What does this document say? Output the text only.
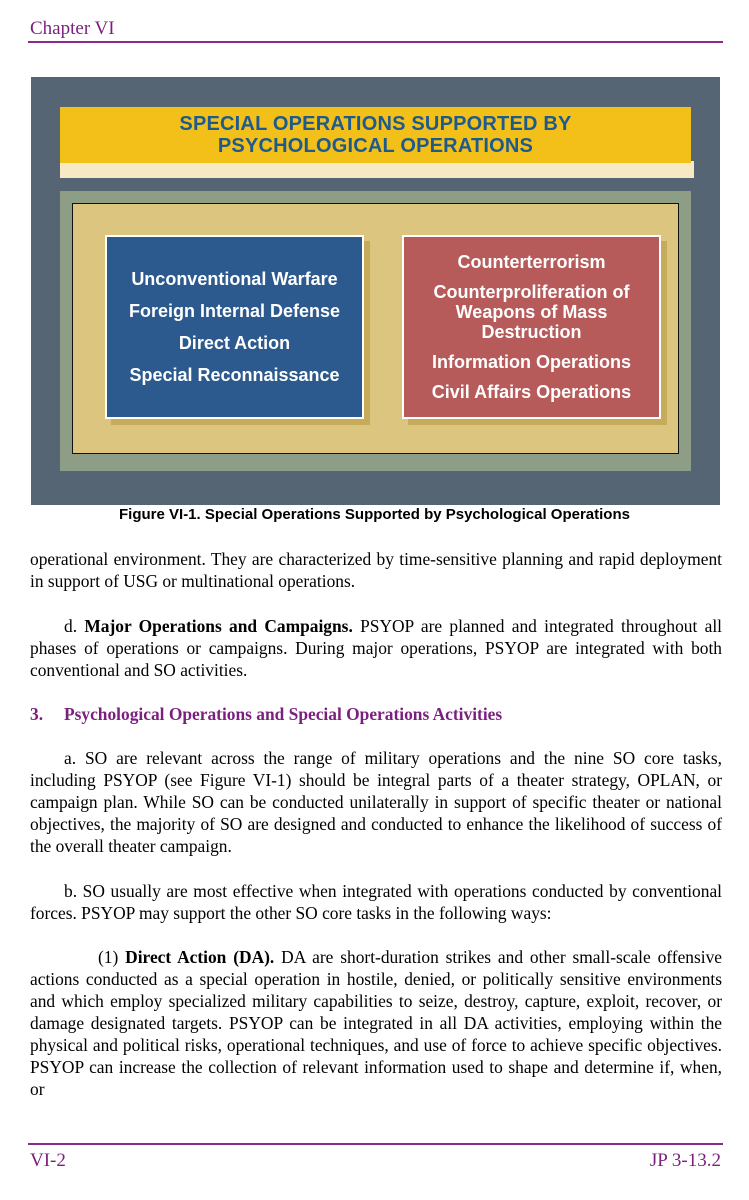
Chapter VI
SPECIAL OPERATIONS SUPPORTED BY
PSYCHOLOGICAL OPERATIONS
Unconventional Warfare
Foreign Internal Defense
Direct Action
Special Reconnaissance
Counterterrorism
Counterproliferation of
Weapons of Mass
Destruction
Information Operations
Civil Affairs Operations
Figure VI-1. Special Operations Supported by Psychological Operations
operational environment. They are characterized by time-sensitive planning and rapid deployment in support of USG or multinational operations.
d. Major Operations and Campaigns. PSYOP are planned and integrated throughout all phases of operations or campaigns. During major operations, PSYOP are integrated with both conventional and SO activities.
3. Psychological Operations and Special Operations Activities
a. SO are relevant across the range of military operations and the nine SO core tasks, including PSYOP (see Figure VI-1) should be integral parts of a theater strategy, OPLAN, or campaign plan. While SO can be conducted unilaterally in support of specific theater or national objectives, the majority of SO are designed and conducted to enhance the likelihood of success of the overall theater campaign.
b. SO usually are most effective when integrated with operations conducted by conventional forces. PSYOP may support the other SO core tasks in the following ways:
(1) Direct Action (DA). DA are short-duration strikes and other small-scale offensive actions conducted as a special operation in hostile, denied, or politically sensitive environments and which employ specialized military capabilities to seize, destroy, capture, exploit, recover, or damage designated targets. PSYOP can be integrated in all DA activities, employing within the physical and political risks, operational techniques, and use of force to achieve specific objectives. PSYOP can increase the collection of relevant information used to shape and determine if, when, or
VI-2	JP 3-13.2
